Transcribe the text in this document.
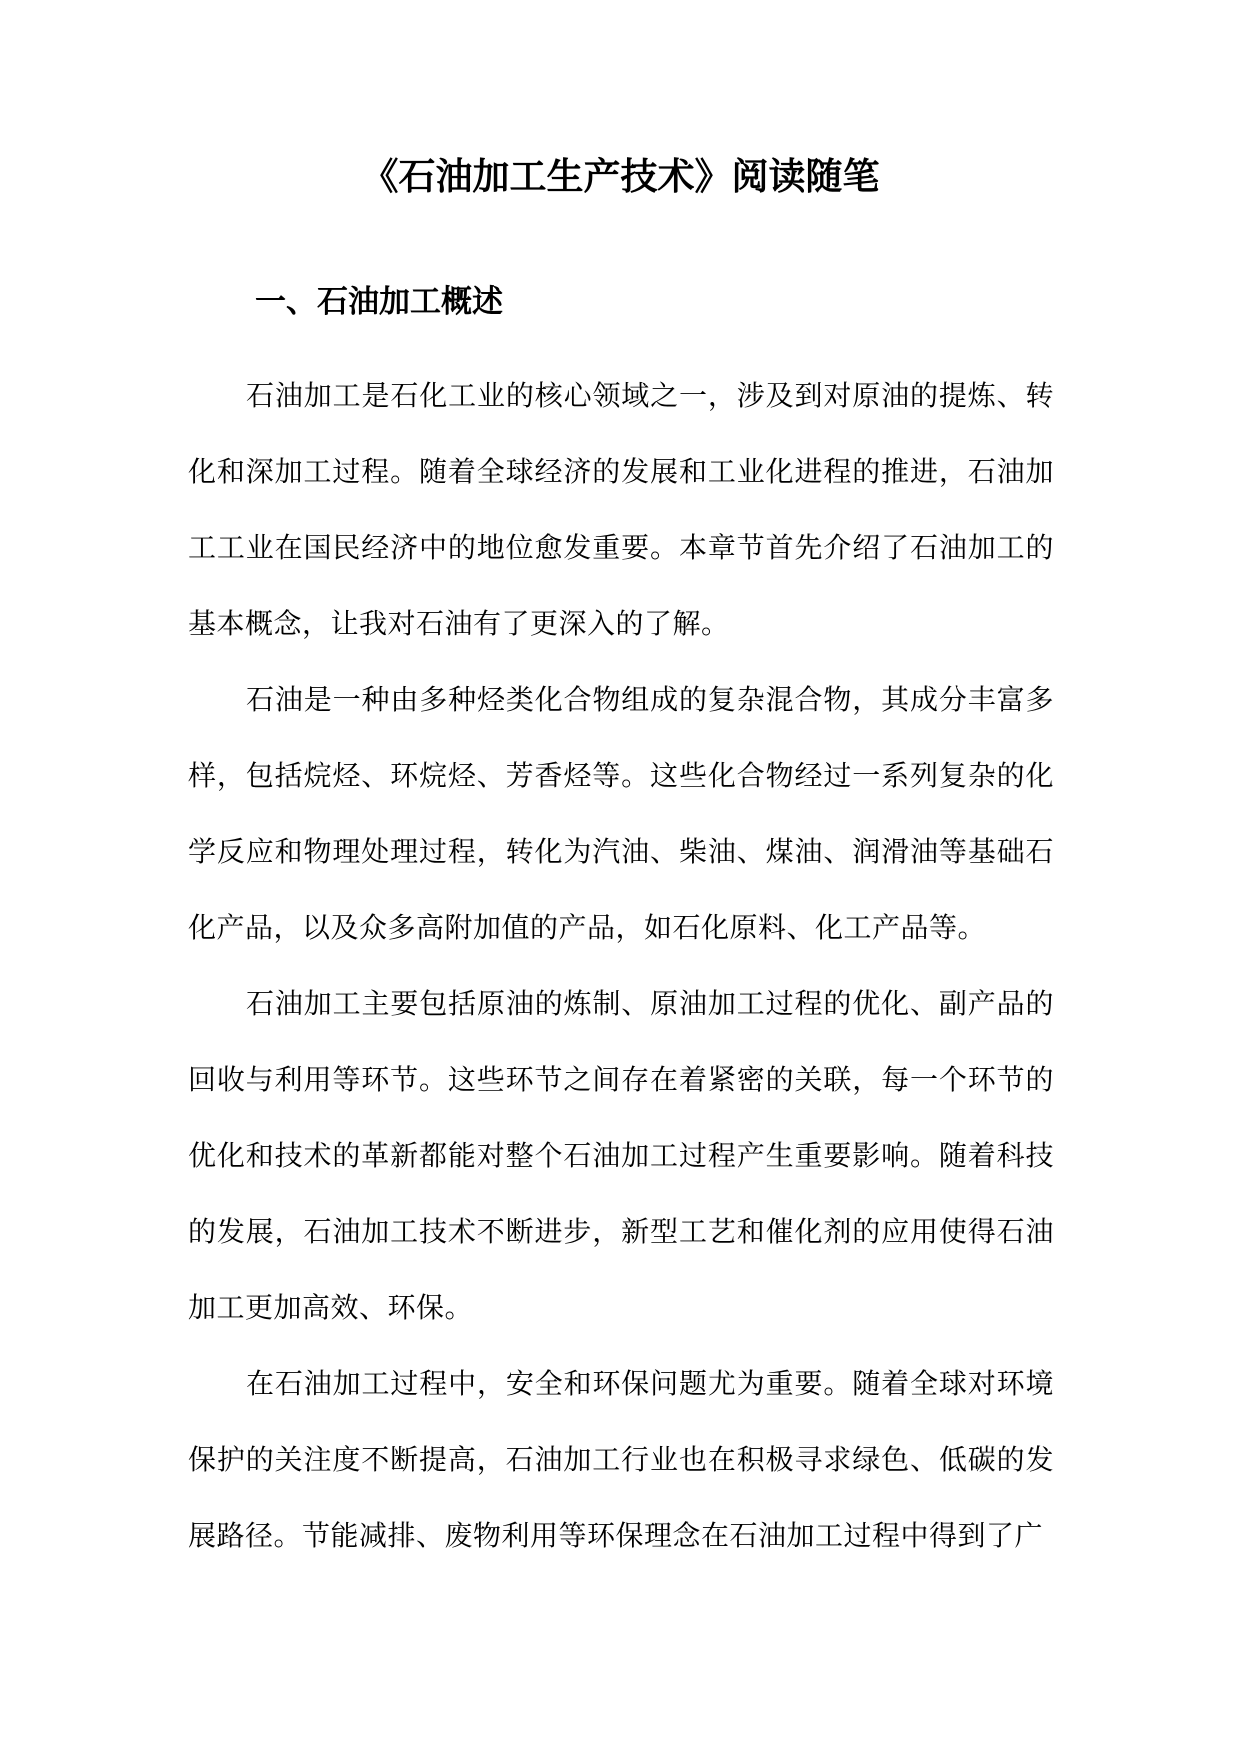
《石油加工生产技术》阅读随笔
一、石油加工概述

石油加工是石化工业的核心领域之一，涉及到对原油的提炼、转化和深加工过程。随着全球经济的发展和工业化进程的推进，石油加工工业在国民经济中的地位愈发重要。本章节首先介绍了石油加工的基本概念，让我对石油有了更深入的了解。

石油是一种由多种烃类化合物组成的复杂混合物，其成分丰富多样，包括烷烃、环烷烃、芳香烃等。这些化合物经过一系列复杂的化学反应和物理处理过程，转化为汽油、柴油、煤油、润滑油等基础石化产品，以及众多高附加值的产品，如石化原料、化工产品等。

石油加工主要包括原油的炼制、原油加工过程的优化、副产品的回收与利用等环节。这些环节之间存在着紧密的关联，每一个环节的优化和技术的革新都能对整个石油加工过程产生重要影响。随着科技的发展，石油加工技术不断进步，新型工艺和催化剂的应用使得石油加工更加高效、环保。

在石油加工过程中，安全和环保问题尤为重要。随着全球对环境保护的关注度不断提高，石油加工行业也在积极寻求绿色、低碳的发展路径。节能减排、废物利用等环保理念在石油加工过程中得到了广
